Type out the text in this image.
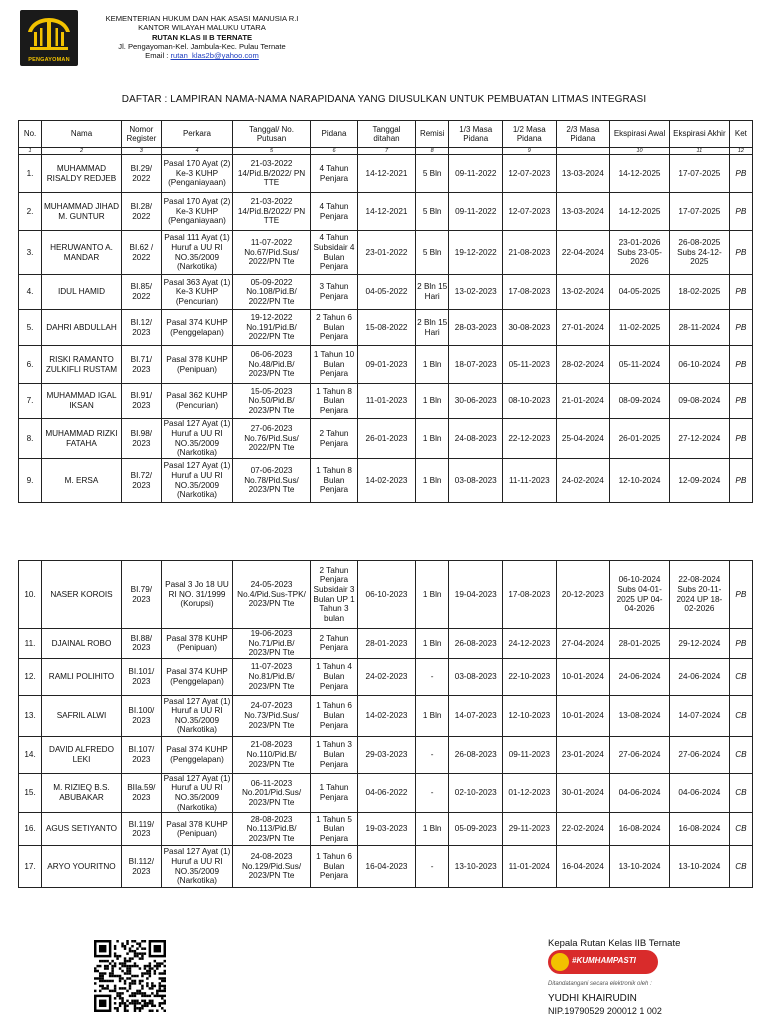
PENGAYOMAN
KEMENTERIAN HUKUM DAN HAK ASASI MANUSIA R.I
KANTOR WILAYAH MALUKU UTARA
RUTAN KLAS II B TERNATE
Jl. Pengayoman-Kel. Jambula-Kec. Pulau Ternate
Email : rutan_klas2b@yahoo.com
DAFTAR : LAMPIRAN NAMA-NAMA NARAPIDANA YANG DIUSULKAN UNTUK PEMBUATAN LITMAS INTEGRASI
No.	Nama	Nomor Register	Perkara	Tanggal/ No. Putusan	Pidana	Tanggal ditahan	Remisi	1/3 Masa Pidana	1/2 Masa Pidana	2/3 Masa Pidana	Ekspirasi Awal	Ekspirasi Akhir	Ket
1	2	3	4	5	6	7	8		9		10	11	12
1.	MUHAMMAD RISALDY REDJEB	BI.29/ 2022	Pasal 170 Ayat (2) Ke-3 KUHP (Penganiayaan)	21-03-2022 14/Pid.B/2022/ PN TTE	4 Tahun Penjara	14-12-2021	5 Bln	09-11-2022	12-07-2023	13-03-2024	14-12-2025	17-07-2025	PB
2.	MUHAMMAD JIHAD M. GUNTUR	BI.28/ 2022	Pasal 170 Ayat (2) Ke-3 KUHP (Penganiayaan)	21-03-2022 14/Pid.B/2022/ PN TTE	4 Tahun Penjara	14-12-2021	5 Bln	09-11-2022	12-07-2023	13-03-2024	14-12-2025	17-07-2025	PB
3.	HERUWANTO A. MANDAR	BI.62 / 2022	Pasal 111 Ayat (1) Huruf a UU RI NO.35/2009 (Narkotika)	11-07-2022 No.67/Pid.Sus/ 2022/PN Tte	4 Tahun Subsidair 4 Bulan Penjara	23-01-2022	5 Bln	19-12-2022	21-08-2023	22-04-2024	23-01-2026 Subs 23-05-2026	26-08-2025 Subs 24-12-2025	PB
4.	IDUL HAMID	BI.85/ 2022	Pasal 363 Ayat (1) Ke-3 KUHP (Pencurian)	05-09-2022 No.108/Pid.B/ 2022/PN Tte	3 Tahun Penjara	04-05-2022	2 Bln 15 Hari	13-02-2023	17-08-2023	13-02-2024	04-05-2025	18-02-2025	PB
5.	DAHRI ABDULLAH	BI.12/ 2023	Pasal 374 KUHP (Penggelapan)	19-12-2022 No.191/Pid.B/ 2022/PN Tte	2 Tahun 6 Bulan Penjara	15-08-2022	2 Bln 15 Hari	28-03-2023	30-08-2023	27-01-2024	11-02-2025	28-11-2024	PB
6.	RISKI RAMANTO ZULKIFLI RUSTAM	BI.71/ 2023	Pasal 378 KUHP (Penipuan)	06-06-2023 No.48/Pid.B/ 2023/PN Tte	1 Tahun 10 Bulan Penjara	09-01-2023	1 Bln	18-07-2023	05-11-2023	28-02-2024	05-11-2024	06-10-2024	PB
7.	MUHAMMAD IGAL IKSAN	BI.91/ 2023	Pasal 362 KUHP (Pencurian)	15-05-2023 No.50/Pid.B/ 2023/PN Tte	1 Tahun 8 Bulan Penjara	11-01-2023	1 Bln	30-06-2023	08-10-2023	21-01-2024	08-09-2024	09-08-2024	PB
8.	MUHAMMAD RIZKI FATAHA	BI.98/ 2023	Pasal 127 Ayat (1) Huruf a UU RI NO.35/2009 (Narkotika)	27-06-2023 No.76/Pid.Sus/ 2022/PN Tte	2 Tahun Penjara	26-01-2023	1 Bln	24-08-2023	22-12-2023	25-04-2024	26-01-2025	27-12-2024	PB
9.	M. ERSA	BI.72/ 2023	Pasal 127 Ayat (1) Huruf a UU RI NO.35/2009 (Narkotika)	07-06-2023 No.78/Pid.Sus/ 2023/PN Tte	1 Tahun 8 Bulan Penjara	14-02-2023	1 Bln	03-08-2023	11-11-2023	24-02-2024	12-10-2024	12-09-2024	PB
10.	NASER KOROIS	BI.79/ 2023	Pasal 3 Jo 18 UU RI NO. 31/1999 (Korupsi)	24-05-2023 No.4/Pid.Sus-TPK/ 2023/PN Tte	2 Tahun Penjara Subsidair 3 Bulan UP 1 Tahun 3 bulan	06-10-2023	1 Bln	19-04-2023	17-08-2023	20-12-2023	06-10-2024 Subs 04-01-2025 UP 04-04-2026	22-08-2024 Subs 20-11-2024 UP 18-02-2026	PB
11.	DJAINAL ROBO	BI.88/ 2023	Pasal 378 KUHP (Penipuan)	19-06-2023 No.71/Pid.B/ 2023/PN Tte	2 Tahun Penjara	28-01-2023	1 Bln	26-08-2023	24-12-2023	27-04-2024	28-01-2025	29-12-2024	PB
12.	RAMLI POLIHITO	BI.101/ 2023	Pasal 374 KUHP (Penggelapan)	11-07-2023 No.81/Pid.B/ 2023/PN Tte	1 Tahun 4 Bulan Penjara	24-02-2023	-	03-08-2023	22-10-2023	10-01-2024	24-06-2024	24-06-2024	CB
13.	SAFRIL ALWI	BI.100/ 2023	Pasal 127 Ayat (1) Huruf a UU RI NO.35/2009 (Narkotika)	24-07-2023 No.73/Pid.Sus/ 2023/PN Tte	1 Tahun 6 Bulan Penjara	14-02-2023	1 Bln	14-07-2023	12-10-2023	10-01-2024	13-08-2024	14-07-2024	CB
14.	DAVID ALFREDO LEKI	BI.107/ 2023	Pasal 374 KUHP (Penggelapan)	21-08-2023 No.110/Pid.B/ 2023/PN Tte	1 Tahun 3 Bulan Penjara	29-03-2023	-	26-08-2023	09-11-2023	23-01-2024	27-06-2024	27-06-2024	CB
15.	M. RIZIEQ B.S. ABUBAKAR	BIIa.59/ 2023	Pasal 127 Ayat (1) Huruf a UU RI NO.35/2009 (Narkotika)	06-11-2023 No.201/Pid.Sus/ 2023/PN Tte	1 Tahun Penjara	04-06-2022	-	02-10-2023	01-12-2023	30-01-2024	04-06-2024	04-06-2024	CB
16.	AGUS SETIYANTO	BI.119/ 2023	Pasal 378 KUHP (Penipuan)	28-08-2023 No.113/Pid.B/ 2023/PN Tte	1 Tahun 5 Bulan Penjara	19-03-2023	1 Bln	05-09-2023	29-11-2023	22-02-2024	16-08-2024	16-08-2024	CB
17.	ARYO YOURITNO	BI.112/ 2023	Pasal 127 Ayat (1) Huruf a UU RI NO.35/2009 (Narkotika)	24-08-2023 No.129/Pid.Sus/ 2023/PN Tte	1 Tahun 6 Bulan Penjara	16-04-2023	-	13-10-2023	11-01-2024	16-04-2024	13-10-2024	13-10-2024	CB
Kepala Rutan Kelas IIB Ternate
#KUMHAMPASTI
Ditandatangani secara elektronik oleh :
YUDHI KHAIRUDIN
NIP.19790529 200012 1 002
